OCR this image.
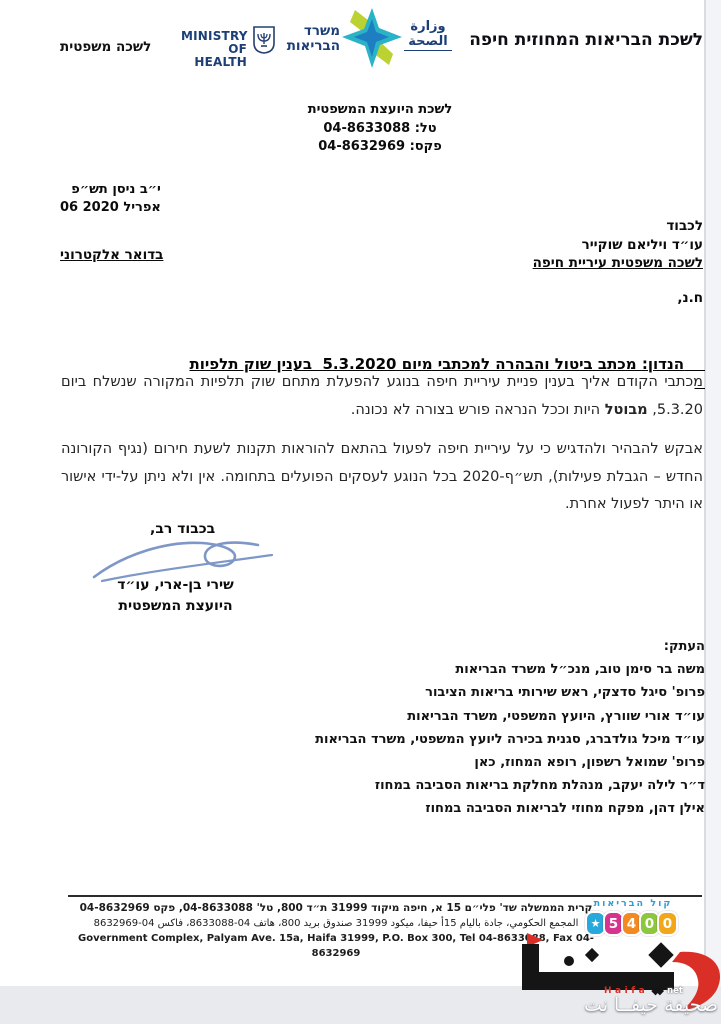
לשכה משפטית
MINISTRY
OF HEALTH
משרד
הבריאות
وزارة
الصحة לשכת הבריאות המחוזית חיפה
לשכת היועצת המשפטית
טל: 04-8633088
פקס: 04-8632969
י״ב ניסן תש״פ
06 אפריל 2020
לכבוד
עו״ד ויליאם שוקייר
לשכה משפטית עיריית חיפה
בדואר אלקטרוני
ח.נ,

הנדון: מכתב ביטול והבהרה למכתבי מיום 5.3.2020  בענין שוק תלפיות

מכתבי הקודם אליך בענין פניית עיריית חיפה בנוגע להפעלת מתחם שוק תלפיות המקורה שנשלח ביום 5.3.20, מבוטל היות וככל הנראה פורש בצורה לא נכונה.
אבקש להבהיר ולהדגיש כי על עיריית חיפה לפעול בהתאם להוראות תקנות לשעת חירום (נגיף הקורונה החדש – הגבלת פעילות), תש״ף-2020 בכל הנוגע לעסקים הפועלים בתחומה. אין ולא ניתן על-ידי אישור או היתר לפעול אחרת.
בכבוד רב,
שירי בן-ארי, עו״ד
היועצת המשפטית
העתק:
משה בר סימן טוב, מנכ״ל משרד הבריאות
פרופ' סיגל סדצקי, ראש שירותי בריאות הציבור
עו״ד אורי שוורץ, היועץ המשפטי, משרד הבריאות
עו״ד מיכל גולדברג, סגנית בכירה ליועץ המשפטי, משרד הבריאות
פרופ' שמואל רשפון, רופא המחוז, כאן
ד״ר לילה יעקב, מנהלת מחלקת בריאות הסביבה במחוז
אילן דהן, מפקח מחוזי לבריאות הסביבה במחוז
קול הבריאות
★ 5 4 0 0
קרית הממשלה שד' פלי״ם 15 א, חיפה מיקוד 31999 ת״ד 800, טל' 04-8633088, פקס 04-8632969
المجمع الحكومي، جادة باليام 15أ حيفا، ميكود 31999 صندوق بريد 800، هاتف 04-8633088، فاكس 04-8632969
Government Complex, Palyam Ave. 15a, Haifa 31999, P.O. Box 300, Tel 04-8633088, Fax 04-8632969
Haifa ◆◆ net
صحيفة حيفــا نت
